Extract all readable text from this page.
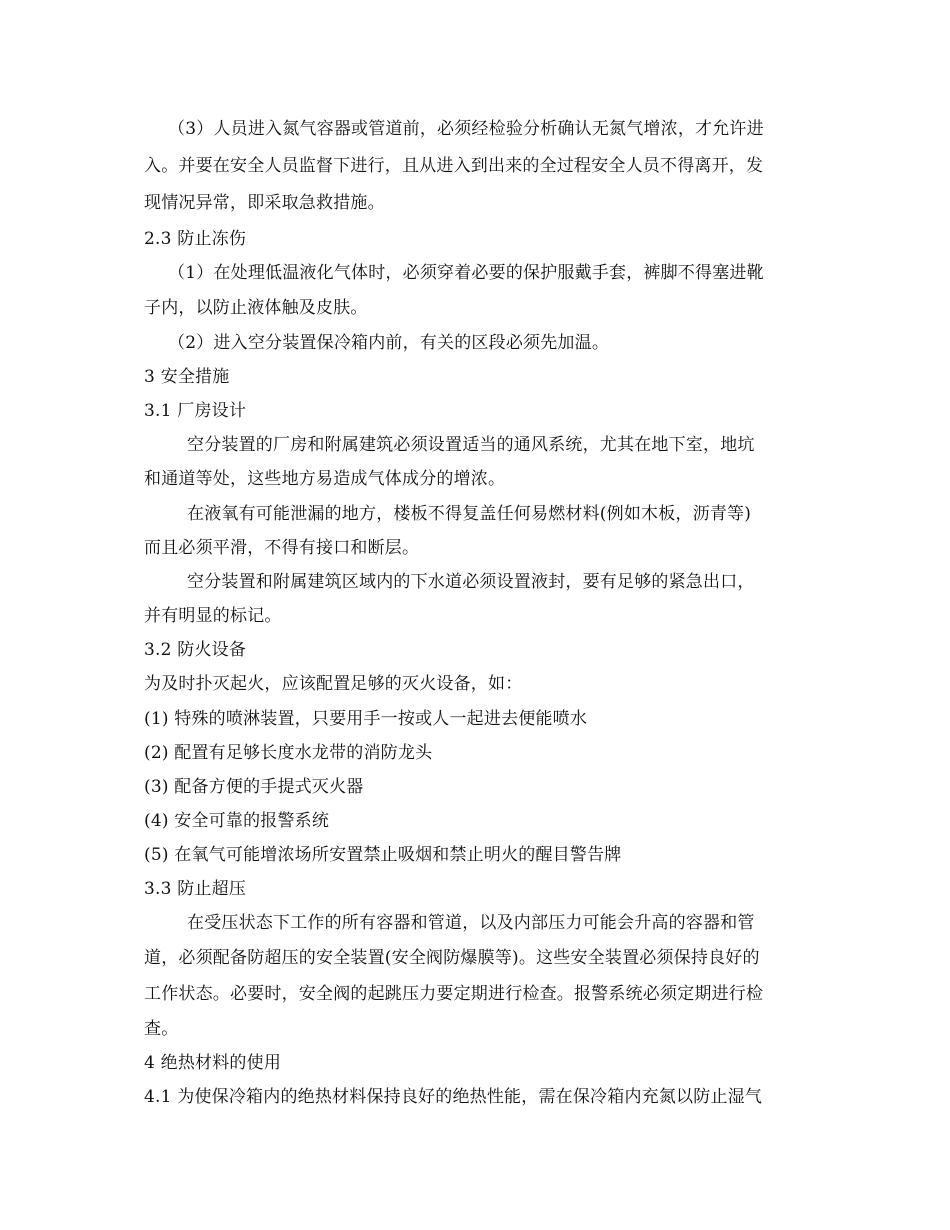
（3）人员进入氮气容器或管道前，必须经检验分析确认无氮气增浓，才允许进
入。并要在安全人员监督下进行，且从进入到出来的全过程安全人员不得离开，发
现情况异常，即采取急救措施。
2.3 防止冻伤
（1）在处理低温液化气体时，必须穿着必要的保护服戴手套，裤脚不得塞进靴
子内，以防止液体触及皮肤。
（2）进入空分装置保冷箱内前，有关的区段必须先加温。
3 安全措施
3.1 厂房设计
空分装置的厂房和附属建筑必须设置适当的通风系统，尤其在地下室，地坑
和通道等处，这些地方易造成气体成分的增浓。
在液氧有可能泄漏的地方，楼板不得复盖任何易燃材料(例如木板，沥青等)
而且必须平滑，不得有接口和断层。
空分装置和附属建筑区域内的下水道必须设置液封，要有足够的紧急出口，
并有明显的标记。
3.2 防火设备
为及时扑灭起火，应该配置足够的灭火设备，如：
(1) 特殊的喷淋装置，只要用手一按或人一起进去便能喷水
(2) 配置有足够长度水龙带的消防龙头
(3) 配备方便的手提式灭火器
(4) 安全可靠的报警系统
(5) 在氧气可能增浓场所安置禁止吸烟和禁止明火的醒目警告牌
3.3 防止超压
在受压状态下工作的所有容器和管道，以及内部压力可能会升高的容器和管
道，必须配备防超压的安全装置(安全阀防爆膜等)。这些安全装置必须保持良好的
工作状态。必要时，安全阀的起跳压力要定期进行检查。报警系统必须定期进行检
查。
4 绝热材料的使用
4.1 为使保冷箱内的绝热材料保持良好的绝热性能，需在保冷箱内充氮以防止湿气
